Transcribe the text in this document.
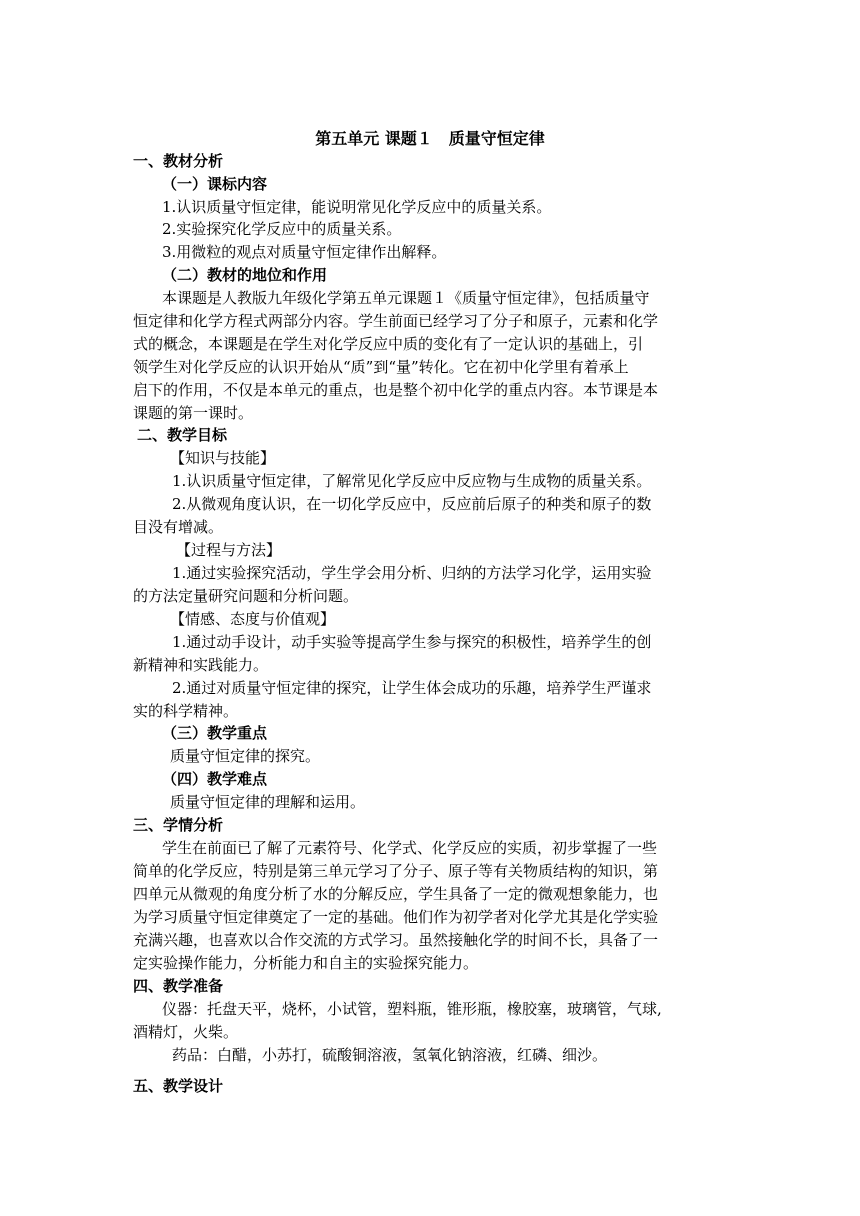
第五单元 课题１　质量守恒定律
一、教材分析
（一）课标内容
1.认识质量守恒定律，能说明常见化学反应中的质量关系。
2.实验探究化学反应中的质量关系。
3.用微粒的观点对质量守恒定律作出解释。
（二）教材的地位和作用
本课题是人教版九年级化学第五单元课题１《质量守恒定律》，包括质量守
恒定律和化学方程式两部分内容。学生前面已经学习了分子和原子，元素和化学
式的概念，本课题是在学生对化学反应中质的变化有了一定认识的基础上，引
领学生对化学反应的认识开始从“质”到“量”转化。它在初中化学里有着承上
启下的作用，不仅是本单元的重点，也是整个初中化学的重点内容。本节课是本
课题的第一课时。
二、教学目标
【知识与技能】
1.认识质量守恒定律，了解常见化学反应中反应物与生成物的质量关系。
2.从微观角度认识，在一切化学反应中，反应前后原子的种类和原子的数
目没有增减。
【过程与方法】
1.通过实验探究活动，学生学会用分析、归纳的方法学习化学，运用实验
的方法定量研究问题和分析问题。
【情感、态度与价值观】
1.通过动手设计，动手实验等提高学生参与探究的积极性，培养学生的创
新精神和实践能力。
2.通过对质量守恒定律的探究，让学生体会成功的乐趣，培养学生严谨求
实的科学精神。
（三）教学重点
质量守恒定律的探究。
（四）教学难点
质量守恒定律的理解和运用。
三、学情分析
学生在前面已了解了元素符号、化学式、化学反应的实质，初步掌握了一些
简单的化学反应，特别是第三单元学习了分子、原子等有关物质结构的知识，第
四单元从微观的角度分析了水的分解反应，学生具备了一定的微观想象能力，也
为学习质量守恒定律奠定了一定的基础。他们作为初学者对化学尤其是化学实验
充满兴趣，也喜欢以合作交流的方式学习。虽然接触化学的时间不长，具备了一
定实验操作能力，分析能力和自主的实验探究能力。
四、教学准备
仪器：托盘天平，烧杯，小试管，塑料瓶，锥形瓶，橡胶塞，玻璃管，气球,
酒精灯，火柴。
药品：白醋，小苏打，硫酸铜溶液，氢氧化钠溶液，红磷、细沙。
五、教学设计
